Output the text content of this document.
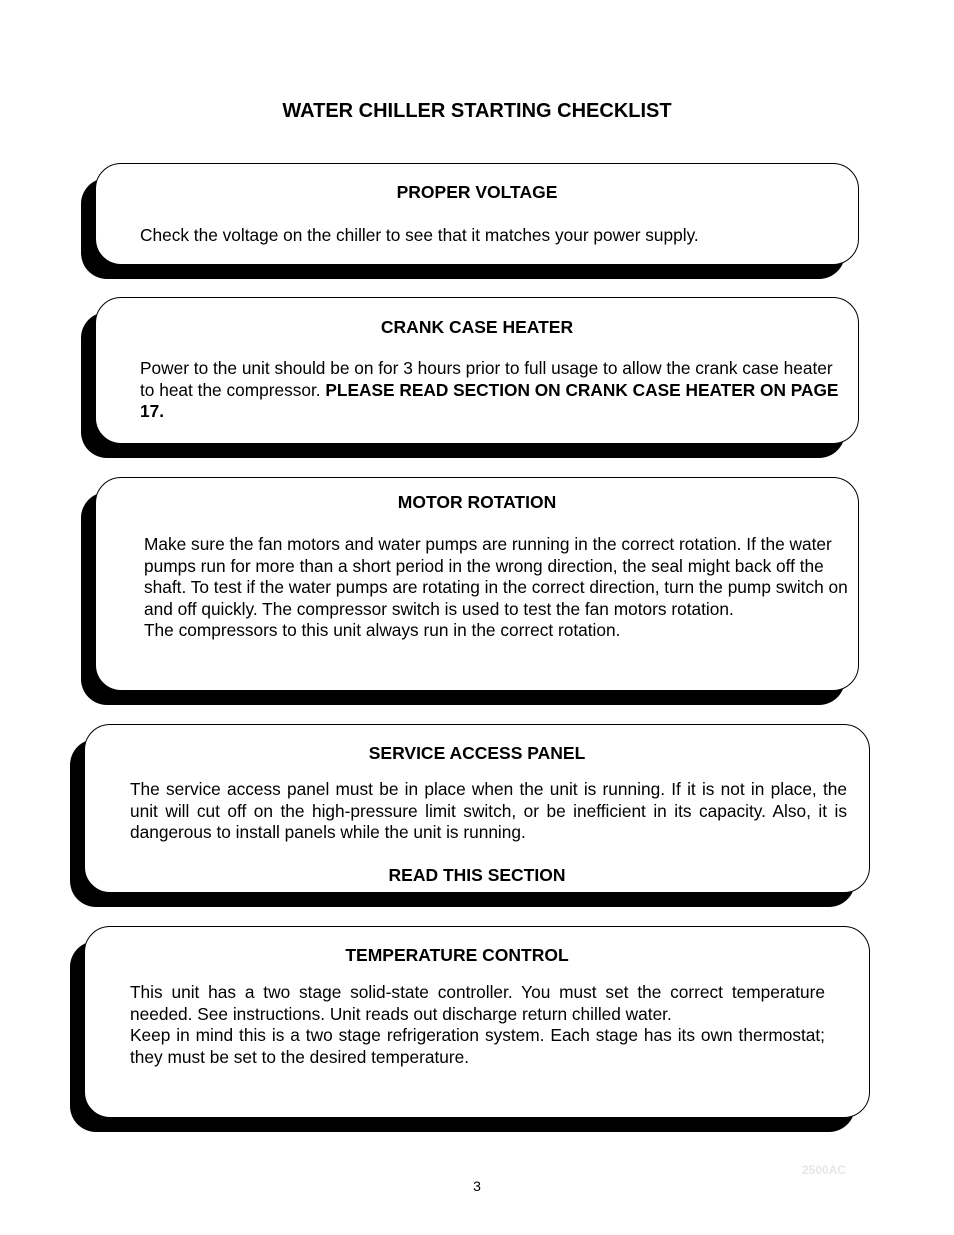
WATER CHILLER STARTING CHECKLIST
PROPER VOLTAGE
Check the voltage on the chiller to see that it matches your power supply.
CRANK CASE HEATER
Power to the unit should be on for 3 hours prior to full usage to allow the crank case heater to heat the compressor. PLEASE READ SECTION ON CRANK CASE HEATER ON PAGE 17.
MOTOR ROTATION
Make sure the fan motors and water pumps are running in the correct rotation. If the water pumps run for more than a short period in the wrong direction, the seal might back off the shaft. To test if the water pumps are rotating in the correct direction, turn the pump switch on and off quickly. The compressor switch is used to test the fan motors rotation.
The compressors to this unit always run in the correct rotation.
SERVICE ACCESS PANEL
The service access panel must be in place when the unit is running. If it is not in place, the unit will cut off on the high-pressure limit switch, or be inefficient in its capacity. Also, it is dangerous to install panels while the unit is running.
READ THIS SECTION
TEMPERATURE CONTROL
This unit has a two stage solid-state controller. You must set the correct temperature needed. See instructions. Unit reads out discharge return chilled water.
Keep in mind this is a two stage refrigeration system. Each stage has its own thermostat; they must be set to the desired temperature.
2500AC
3
